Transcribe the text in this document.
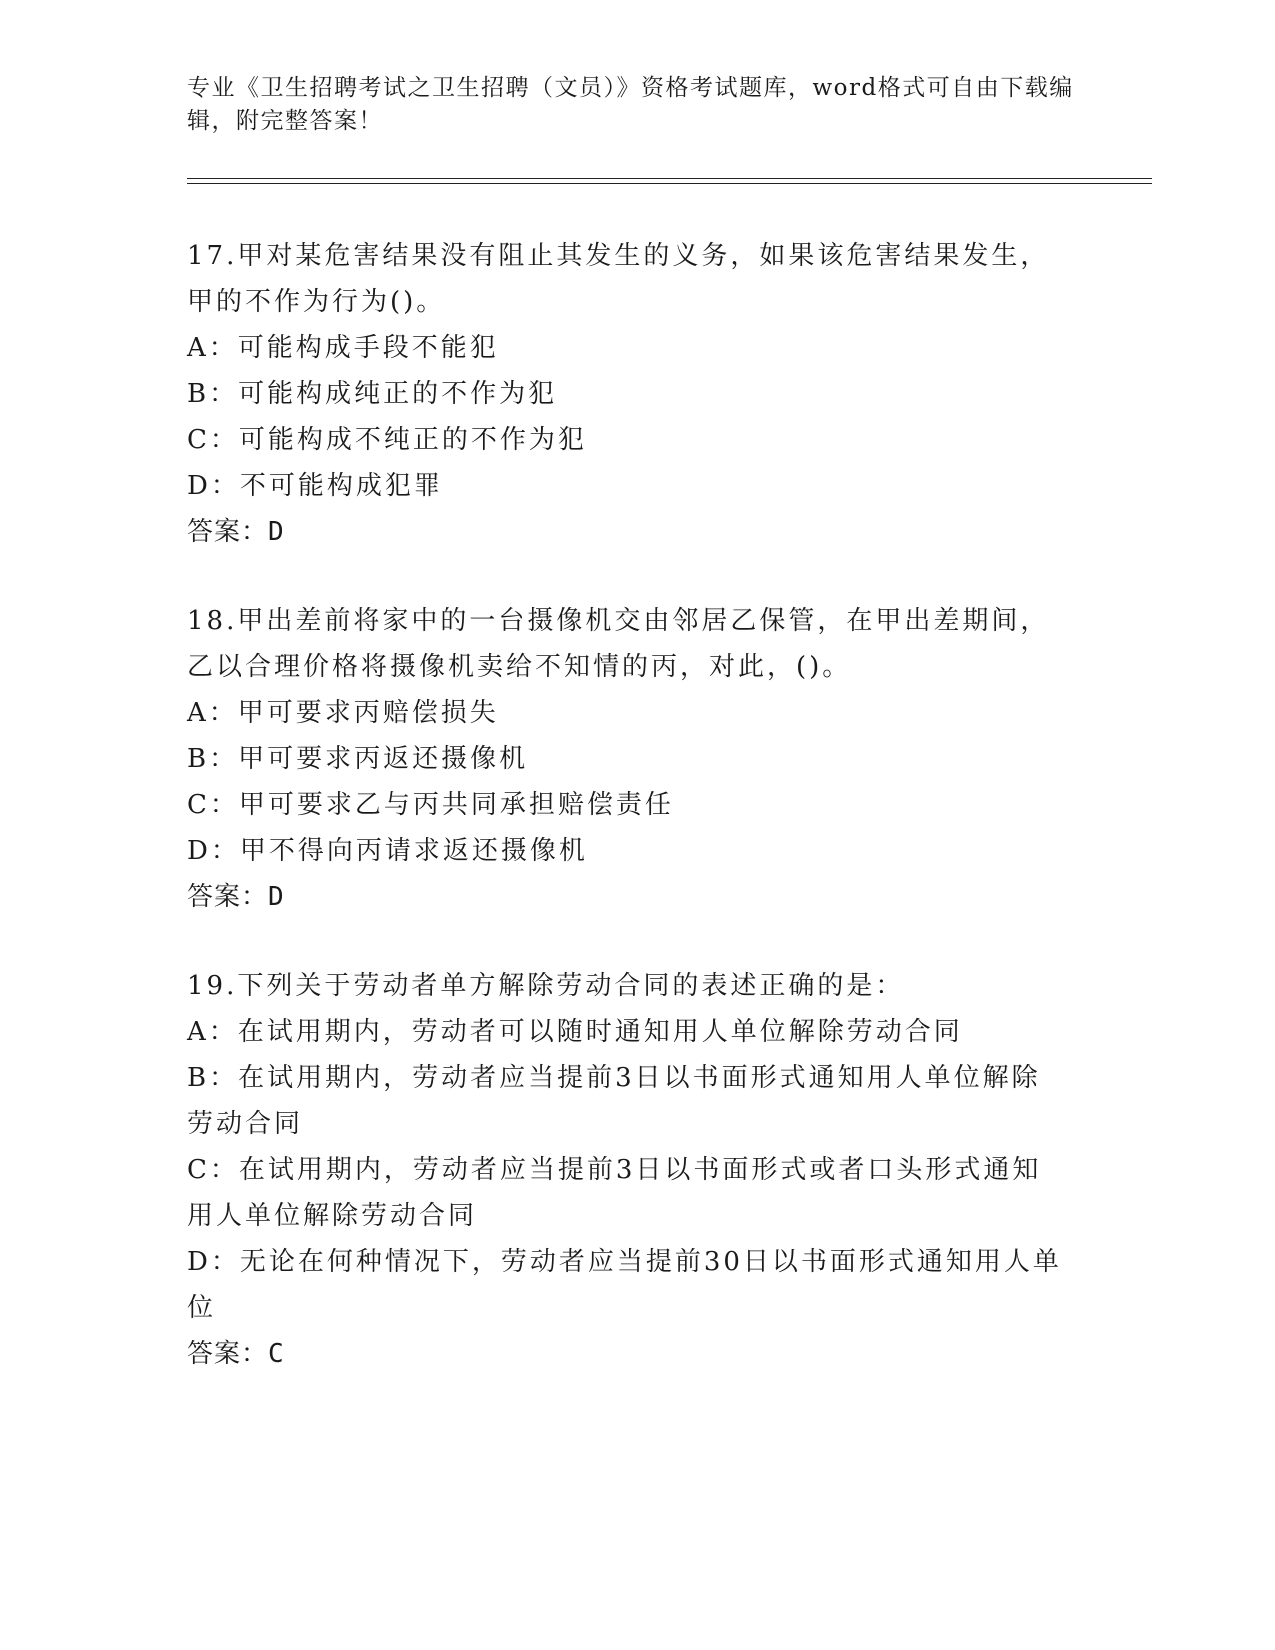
专业《卫生招聘考试之卫生招聘（文员）》资格考试题库，word格式可自由下载编辑，附完整答案！

17.甲对某危害结果没有阻止其发生的义务，如果该危害结果发生，甲的不作为行为()。

A：可能构成手段不能犯

B：可能构成纯正的不作为犯

C：可能构成不纯正的不作为犯

D：不可能构成犯罪

答案：D

18.甲出差前将家中的一台摄像机交由邻居乙保管，在甲出差期间，乙以合理价格将摄像机卖给不知情的丙，对此，()。

A：甲可要求丙赔偿损失

B：甲可要求丙返还摄像机

C：甲可要求乙与丙共同承担赔偿责任

D：甲不得向丙请求返还摄像机

答案：D

19.下列关于劳动者单方解除劳动合同的表述正确的是：

A：在试用期内，劳动者可以随时通知用人单位解除劳动合同

B：在试用期内，劳动者应当提前3日以书面形式通知用人单位解除劳动合同

C：在试用期内，劳动者应当提前3日以书面形式或者口头形式通知用人单位解除劳动合同

D：无论在何种情况下，劳动者应当提前30日以书面形式通知用人单位

答案：C
